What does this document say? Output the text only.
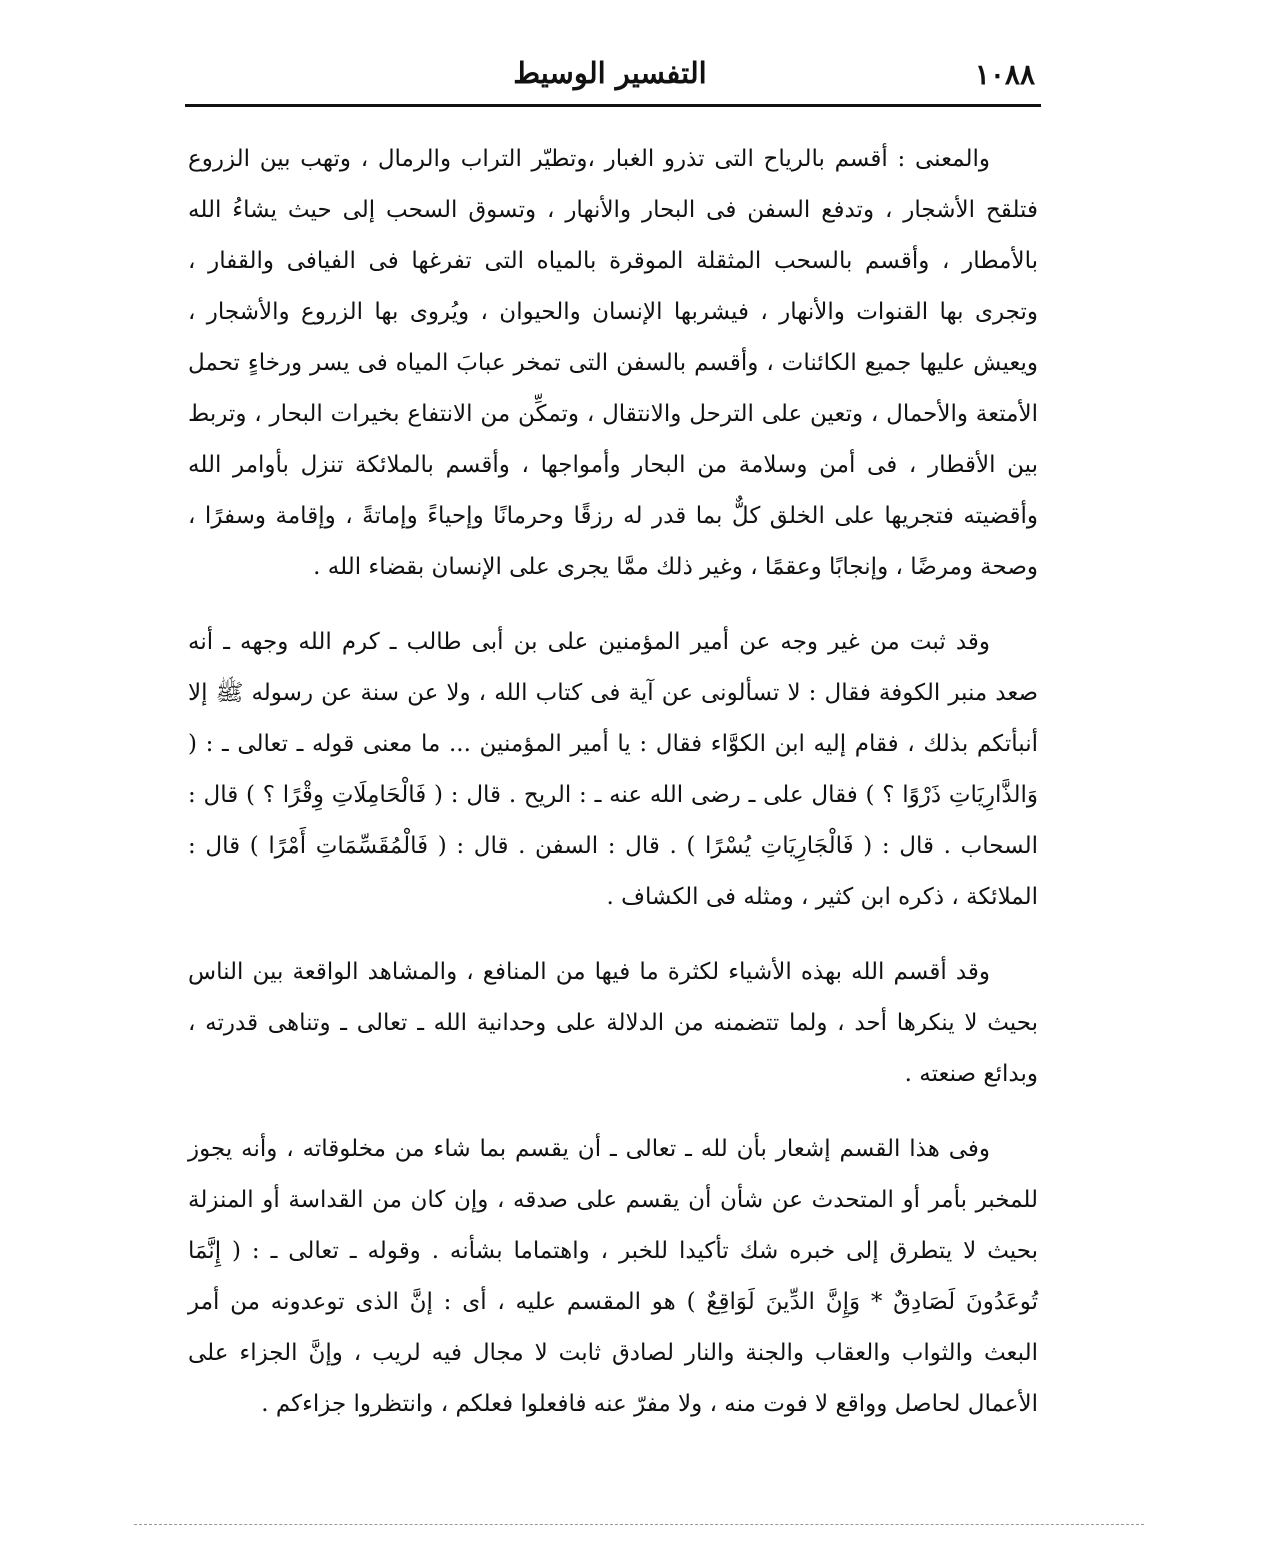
١٠٨٨
التفسير الوسيط

والمعنى : أقسم بالرياح التى تذرو الغبار ،وتطيّر التراب والرمال ، وتهب بين الزروع فتلقح الأشجار ، وتدفع السفن فى البحار والأنهار ، وتسوق السحب إلى حيث يشاءُ الله بالأمطار ، وأقسم بالسحب المثقلة الموقرة بالمياه التى تفرغها فى الفيافى والقفار ، وتجرى بها القنوات والأنهار ، فيشربها الإنسان والحيوان ، ويُروى بها الزروع والأشجار ، ويعيش عليها جميع الكائنات ، وأقسم بالسفن التى تمخر عبابَ المياه فى يسر ورخاءٍ تحمل الأمتعة والأحمال ، وتعين على الترحل والانتقال ، وتمكِّن من الانتفاع بخيرات البحار ، وتربط بين الأقطار ، فى أمن وسلامة من البحار وأمواجها ، وأقسم بالملائكة تنزل بأوامر الله وأقضيته فتجريها على الخلق كلٌّ بما قدر له رزقًا وحرمانًا وإحياءً وإماتةً ، وإقامة وسفرًا ، وصحة ومرضًا ، وإنجابًا وعقمًا ، وغير ذلك ممَّا يجرى على الإنسان بقضاء الله .

وقد ثبت من غير وجه عن أمير المؤمنين على بن أبى طالب ـ كرم الله وجهه ـ أنه صعد منبر الكوفة فقال : لا تسألونى عن آية فى كتاب الله ، ولا عن سنة عن رسوله ﷺ إلا أنبأتكم بذلك ، فقام إليه ابن الكوَّاء فقال : يا أمير المؤمنين ... ما معنى قوله ـ تعالى ـ : ( وَالذَّارِيَاتِ ذَرْوًا ؟ ) فقال على ـ رضى الله عنه ـ : الريح . قال : ( فَالْحَامِلَاتِ وِقْرًا ؟ ) قال : السحاب . قال : ( فَالْجَارِيَاتِ يُسْرًا ) . قال : السفن . قال : ( فَالْمُقَسِّمَاتِ أَمْرًا ) قال : الملائكة ، ذكره ابن كثير ، ومثله فى الكشاف .

وقد أقسم الله بهذه الأشياء لكثرة ما فيها من المنافع ، والمشاهد الواقعة بين الناس بحيث لا ينكرها أحد ، ولما تتضمنه من الدلالة على وحدانية الله ـ تعالى ـ وتناهى قدرته ، وبدائع صنعته .

وفى هذا القسم إشعار بأن لله ـ تعالى ـ أن يقسم بما شاء من مخلوقاته ، وأنه يجوز للمخبر بأمر أو المتحدث عن شأن أن يقسم على صدقه ، وإن كان من القداسة أو المنزلة بحيث لا يتطرق إلى خبره شك تأكيدا للخبر ، واهتماما بشأنه . وقوله ـ تعالى ـ : ( إِنَّمَا تُوعَدُونَ لَصَادِقٌ * وَإِنَّ الدِّينَ لَوَاقِعٌ ) هو المقسم عليه ، أى : إنَّ الذى توعدونه من أمر البعث والثواب والعقاب والجنة والنار لصادق ثابت لا مجال فيه لريب ، وإنَّ الجزاء على الأعمال لحاصل وواقع لا فوت منه ، ولا مفرّ عنه فافعلوا فعلكم ، وانتظروا جزاءكم .
